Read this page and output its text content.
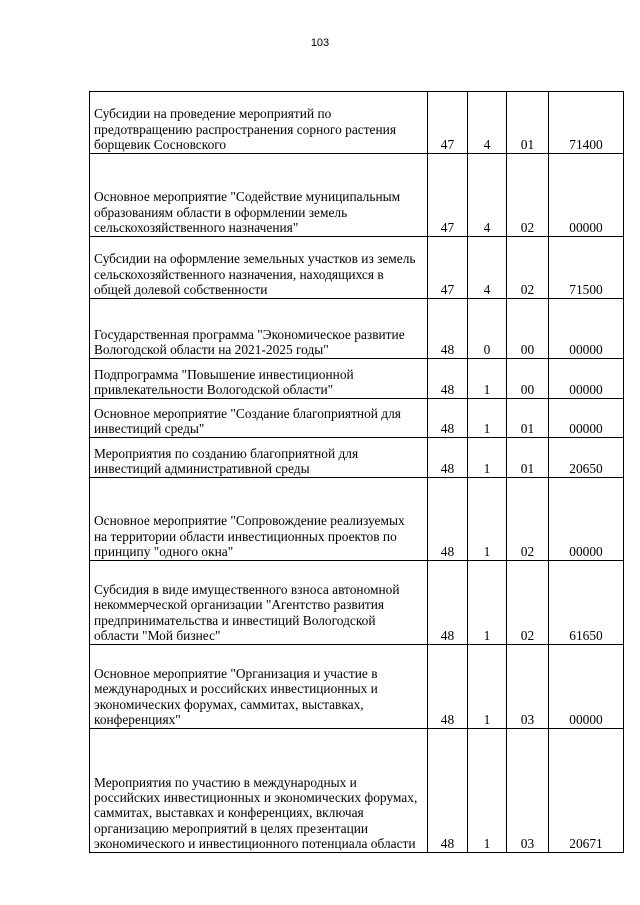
103
Субсидии на проведение мероприятий по предотвращению распространения сорного растения борщевик Сосновского	47	4	01	71400
Основное мероприятие "Содействие муниципальным образованиям области в оформлении земель сельскохозяйственного назначения"	47	4	02	00000
Субсидии на оформление земельных участков из земель сельскохозяйственного назначения, находящихся в общей долевой собственности	47	4	02	71500
Государственная программа "Экономическое развитие Вологодской области на 2021-2025 годы"	48	0	00	00000
Подпрограмма "Повышение инвестиционной привлекательности Вологодской области"	48	1	00	00000
Основное мероприятие "Создание благоприятной для инвестиций среды"	48	1	01	00000
Мероприятия по созданию благоприятной для инвестиций административной среды	48	1	01	20650
Основное мероприятие "Сопровождение реализуемых на территории области инвестиционных проектов по принципу "одного окна"	48	1	02	00000
Субсидия в виде имущественного взноса автономной некоммерческой организации "Агентство развития предпринимательства и инвестиций Вологодской области "Мой бизнес"	48	1	02	61650
Основное мероприятие "Организация и участие в международных и российских инвестиционных и экономических форумах, саммитах, выставках, конференциях"	48	1	03	00000
Мероприятия по участию в международных и российских инвестиционных и экономических форумах, саммитах, выставках и конференциях, включая организацию мероприятий в целях презентации экономического и инвестиционного потенциала области	48	1	03	20671
